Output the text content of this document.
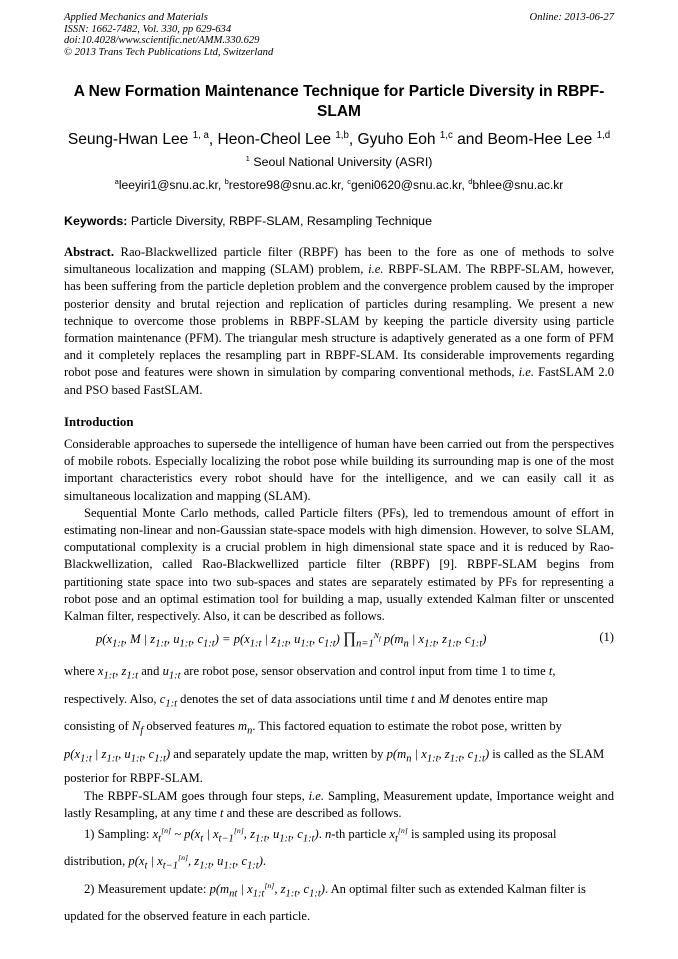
Applied Mechanics and Materials
ISSN: 1662-7482, Vol. 330, pp 629-634
doi:10.4028/www.scientific.net/AMM.330.629
© 2013 Trans Tech Publications Ltd, Switzerland
Online: 2013-06-27
A New Formation Maintenance Technique for Particle Diversity in RBPF-SLAM
Seung-Hwan Lee $^{1, a}$, Heon-Cheol Lee $^{1,b}$, Gyuho Eoh $^{1,c}$ and Beom-Hee Lee $^{1,d}$
$^1$ Seoul National University (ASRI)
$^a$leeyiri1@snu.ac.kr, $^b$restore98@snu.ac.kr, $^c$geni0620@snu.ac.kr, $^d$bhlee@snu.ac.kr
Keywords: Particle Diversity, RBPF-SLAM, Resampling Technique
Abstract. Rao-Blackwellized particle filter (RBPF) has been to the fore as one of methods to solve simultaneous localization and mapping (SLAM) problem, i.e. RBPF-SLAM. The RBPF-SLAM, however, has been suffering from the particle depletion problem and the convergence problem caused by the improper posterior density and brutal rejection and replication of particles during resampling. We present a new technique to overcome those problems in RBPF-SLAM by keeping the particle diversity using particle formation maintenance (PFM). The triangular mesh structure is adaptively generated as a one form of PFM and it completely replaces the resampling part in RBPF-SLAM. Its considerable improvements regarding robot pose and features were shown in simulation by comparing conventional methods, i.e. FastSLAM 2.0 and PSO based FastSLAM.
Introduction

Considerable approaches to supersede the intelligence of human have been carried out from the perspectives of mobile robots. Especially localizing the robot pose while building its surrounding map is one of the most important characteristics every robot should have for the intelligence, and we can easily call it as simultaneous localization and mapping (SLAM).

Sequential Monte Carlo methods, called Particle filters (PFs), led to tremendous amount of effort in estimating non-linear and non-Gaussian state-space models with high dimension. However, to solve SLAM, computational complexity is a crucial problem in high dimensional state space and it is reduced by Rao-Blackwellization, called Rao-Blackwellized particle filter (RBPF) [9]. RBPF-SLAM begins from partitioning state space into two sub-spaces and states are separately estimated by PFs for representing a robot pose and an optimal estimation tool for building a map, usually extended Kalman filter or unscented Kalman filter, respectively. Also, it can be described as follows.

$p(x_{1:t}$, M | $z_{1:t}$, $u_{1:t}$, $c_{1:t}) = p(x_{1:t}$ | $z_{1:t}$, $u_{1:t}$, $c_{1:t}$) $\prod_{n=1}^{N_f}$ $p(m_n$ | $x_{1:t}$, $z_{1:t}$, $c_{1:t}$)	(1)

where $x_{1:t}$, $z_{1:t}$ and $u_{1:t}$ are robot pose, sensor observation and control input from time 1 to time t,

respectively. Also, $c_{1:t}$ denotes the set of data associations until time t and M denotes entire map

consisting of $N_f$ observed features $m_n$. This factored equation to estimate the robot pose, written by

$p(x_{1:t}$ | $z_{1:t}$, $u_{1:t}$, $c_{1:t}$) and separately update the map, written by $p(m_n$ | $x_{1:t}$, $z_{1:t}$, $c_{1:t}$) is called as the SLAM

posterior for RBPF-SLAM.

The RBPF-SLAM goes through four steps, i.e. Sampling, Measurement update, Importance weight and lastly Resampling, at any time t and these are described as follows.

1) Sampling: $x_t[n]$ ~ $p(x_t$ | $x_{t-1}[n]$, $z_{1:t}$, $u_{1:t}$, $c_{1:t}$). n-th particle $x_t[n]$ is sampled using its proposal

distribution, $p(x_t$ | $x_{t-1}[n]$, $z_{1:t}$, $u_{1:t}$, $c_{1:t}$).

2) Measurement update: $p(m_{nt}$ | $x_{1:t}[n]$, $z_{1:t}$, $c_{1:t}$). An optimal filter such as extended Kalman filter is

updated for the observed feature in each particle.
